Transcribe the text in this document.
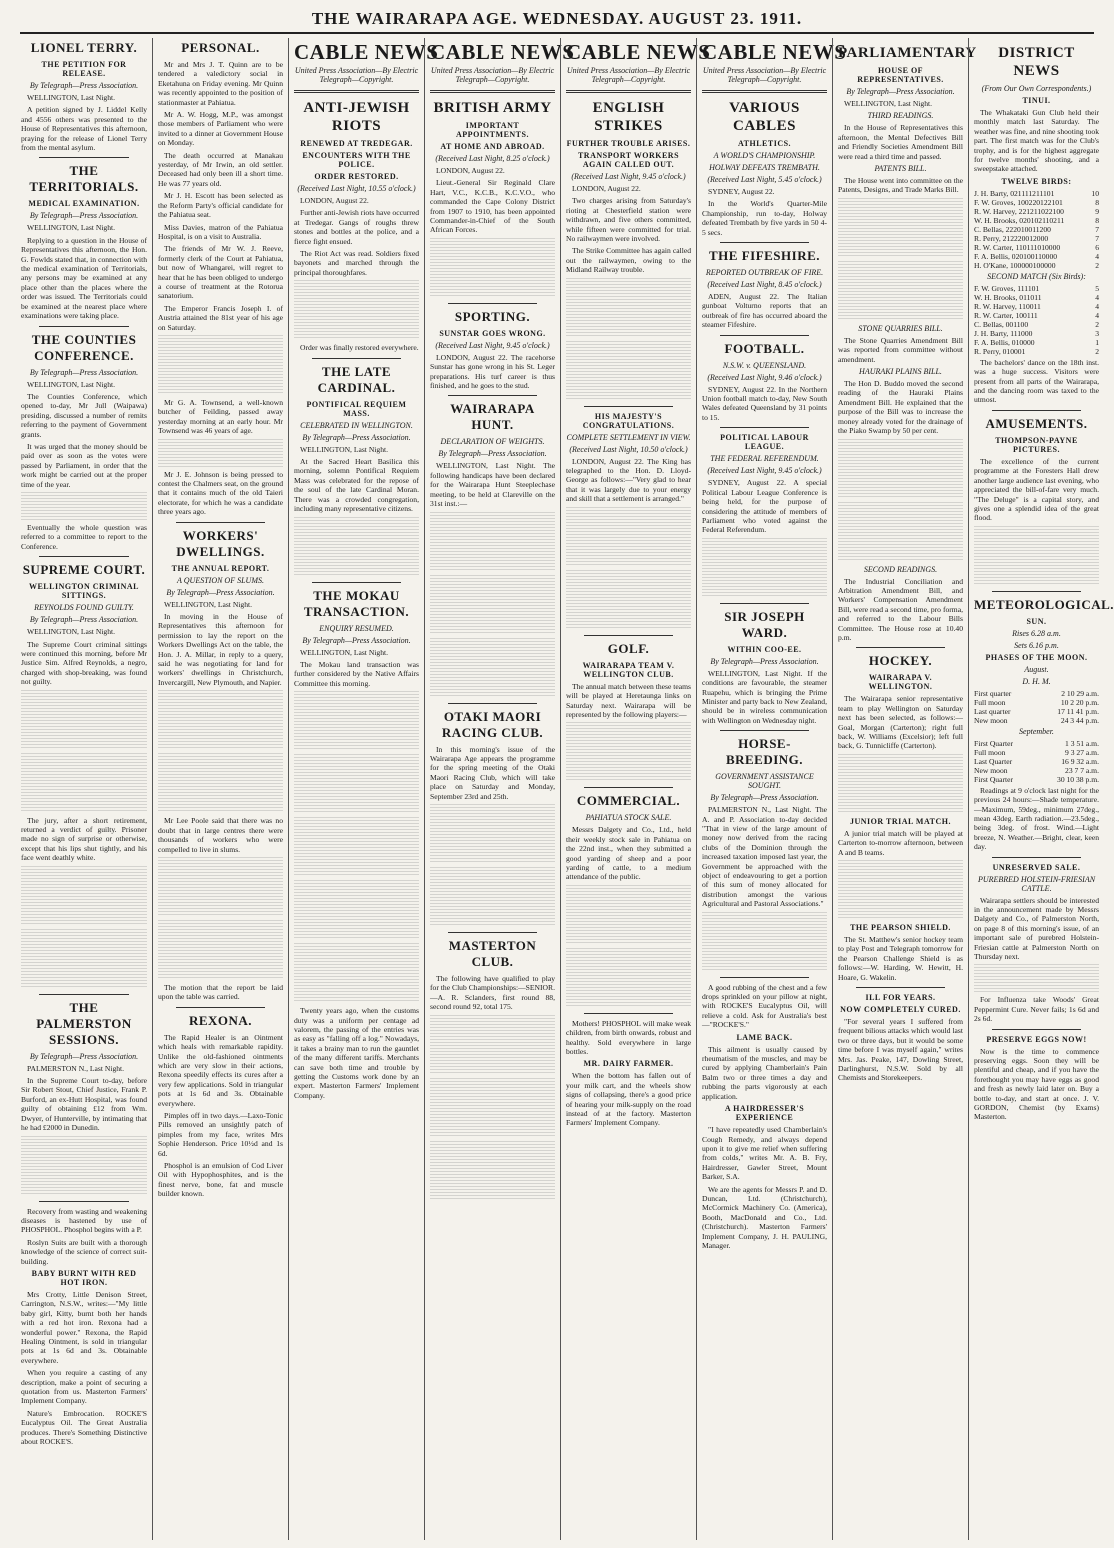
THE WAIRARAPA AGE. WEDNESDAY. AUGUST 23. 1911.
LIONEL TERRY.
THE PETITION FOR RELEASE.
By Telegraph—Press Association.

WELLINGTON, Last Night.

A petition signed by J. Liddel Kelly and 4556 others was presented to the House of Representatives this afternoon, praying for the release of Lionel Terry from the mental asylum.

THE TERRITORIALS.
MEDICAL EXAMINATION.
By Telegraph—Press Association.

WELLINGTON, Last Night.

Replying to a question in the House of Representatives this afternoon, the Hon. G. Fowlds stated that, in connection with the medical examination of Territorials, any persons may be examined at any place other than the places where the order was issued. The Territorials could be examined at the nearest place where examinations were taking place.

THE COUNTIES CONFERENCE.
By Telegraph—Press Association.

WELLINGTON, Last Night.

The Counties Conference, which opened to-day, Mr Jull (Waipawa) presiding, discussed a number of remits referring to the payment of Government grants.

It was urged that the money should be paid over as soon as the votes were passed by Parliament, in order that the work might be carried out at the proper time of the year.

Eventually the whole question was referred to a committee to report to the Conference.

SUPREME COURT.
WELLINGTON CRIMINAL SITTINGS.
REYNOLDS FOUND GUILTY.
By Telegraph—Press Association.

WELLINGTON, Last Night.

The Supreme Court criminal sittings were continued this morning, before Mr Justice Sim. Alfred Reynolds, a negro, charged with shop-breaking, was found not guilty.

The jury, after a short retirement, returned a verdict of guilty. Prisoner made no sign of surprise or otherwise, except that his lips shut tightly, and his face went deathly white.

THE PALMERSTON SESSIONS.
By Telegraph—Press Association.

PALMERSTON N., Last Night.

In the Supreme Court to-day, before Sir Robert Stout, Chief Justice, Frank P. Burford, an ex-Hutt Hospital, was found guilty of obtaining £12 from Wm. Dwyer, of Hunterville, by intimating that he had £2000 in Dunedin.

Recovery from wasting and weakening diseases is hastened by use of PHOSPHOL. Phosphol begins with a P.

Roslyn Suits are built with a thorough knowledge of the science of correct suit-building.

BABY BURNT WITH RED HOT IRON.

Mrs Crotty, Little Denison Street, Carrington, N.S.W., writes:—"My little baby girl, Kitty, burnt both her hands with a red hot iron. Rexona had a wonderful power." Rexona, the Rapid Healing Ointment, is sold in triangular pots at 1s 6d and 3s. Obtainable everywhere.

When you require a casting of any description, make a point of securing a quotation from us. Masterton Farmers' Implement Company.

Nature's Embrocation. ROCKE'S Eucalyptus Oil. The Great Australia produces. There's Something Distinctive about ROCKE'S.

PERSONAL.

Mr and Mrs J. T. Quinn are to be tendered a valedictory social in Eketahuna on Friday evening. Mr Quinn was recently appointed to the position of stationmaster at Pahiatua.

Mr A. W. Hogg, M.P., was amongst those members of Parliament who were invited to a dinner at Government House on Monday.

The death occurred at Manakau yesterday, of Mr Irwin, an old settler. Deceased had only been ill a short time. He was 77 years old.

Mr J. H. Escott has been selected as the Reform Party's official candidate for the Pahiatua seat.

Miss Davies, matron of the Pahiatua Hospital, is on a visit to Australia.

The friends of Mr W. J. Reeve, formerly clerk of the Court at Pahiatua, but now of Whangarei, will regret to hear that he has been obliged to undergo a course of treatment at the Rotorua sanatorium.

The Emperor Francis Joseph I. of Austria attained the 81st year of his age on Saturday.

Mr G. A. Townsend, a well-known butcher of Feilding, passed away yesterday morning at an early hour. Mr Townsend was 46 years of age.

Mr J. E. Johnson is being pressed to contest the Chalmers seat, on the ground that it contains much of the old Taieri electorate, for which he was a candidate three years ago.

WORKERS' DWELLINGS.
THE ANNUAL REPORT.
A QUESTION OF SLUMS.
By Telegraph—Press Association.

WELLINGTON, Last Night.

In moving in the House of Representatives this afternoon for permission to lay the report on the Workers Dwellings Act on the table, the Hon. J. A. Millar, in reply to a query, said he was negotiating for land for workers' dwellings in Christchurch, Invercargill, New Plymouth, and Napier.

Mr Lee Poole said that there was no doubt that in large centres there were thousands of workers who were compelled to live in slums.

The motion that the report be laid upon the table was carried.

REXONA.

The Rapid Healer is an Ointment which heals with remarkable rapidity. Unlike the old-fashioned ointments which are very slow in their actions, Rexona speedily effects its cures after a very few applications. Sold in triangular pots at 1s 6d and 3s. Obtainable everywhere.

Pimples off in two days.—Laxo-Tonic Pills removed an unsightly patch of pimples from my face, writes Mrs Sophie Henderson. Price 10½d and 1s 6d.

Phosphol is an emulsion of Cod Liver Oil with Hypophosphites, and is the finest nerve, bone, fat and muscle builder known.

CABLE NEWS
United Press Association—By Electric Telegraph—Copyright.
ANTI-JEWISH RIOTS
RENEWED AT TREDEGAR.
ENCOUNTERS WITH THE POLICE.
ORDER RESTORED.
(Received Last Night, 10.55 o'clock.)

LONDON, August 22.

Further anti-Jewish riots have occurred at Tredegar. Gangs of roughs threw stones and bottles at the police, and a fierce fight ensued.

The Riot Act was read. Soldiers fixed bayonets and marched through the principal thoroughfares.

Order was finally restored everywhere.

THE LATE CARDINAL.
PONTIFICAL REQUIEM MASS.
CELEBRATED IN WELLINGTON.
By Telegraph—Press Association.

WELLINGTON, Last Night.

At the Sacred Heart Basilica this morning, solemn Pontifical Requiem Mass was celebrated for the repose of the soul of the late Cardinal Moran. There was a crowded congregation, including many representative citizens.

THE MOKAU TRANSACTION.
ENQUIRY RESUMED.
By Telegraph—Press Association.

WELLINGTON, Last Night.

The Mokau land transaction was further considered by the Native Affairs Committee this morning.

Twenty years ago, when the customs duty was a uniform per centage ad valorem, the passing of the entries was as easy as "falling off a log." Nowadays, it takes a brainy man to run the gauntlet of the many different tariffs. Merchants can save both time and trouble by getting the Customs work done by an expert. Masterton Farmers' Implement Company.

CABLE NEWS
United Press Association—By Electric Telegraph—Copyright.
BRITISH ARMY
IMPORTANT APPOINTMENTS.
AT HOME AND ABROAD.
(Received Last Night, 8.25 o'clock.)

LONDON, August 22.

Lieut.-General Sir Reginald Clare Hart, V.C., K.C.B., K.C.V.O., who commanded the Cape Colony District from 1907 to 1910, has been appointed Commander-in-Chief of the South African Forces.

SPORTING.
SUNSTAR GOES WRONG.
(Received Last Night, 9.45 o'clock.)

LONDON, August 22. The racehorse Sunstar has gone wrong in his St. Leger preparations. His turf career is thus finished, and he goes to the stud.

WAIRARAPA HUNT.
DECLARATION OF WEIGHTS.
By Telegraph—Press Association.

WELLINGTON, Last Night. The following handicaps have been declared for the Wairarapa Hunt Steeplechase meeting, to be held at Clareville on the 31st inst.:—

OTAKI MAORI RACING CLUB.

In this morning's issue of the Wairarapa Age appears the programme for the spring meeting of the Otaki Maori Racing Club, which will take place on Saturday and Monday, September 23rd and 25th.

MASTERTON CLUB.

The following have qualified to play for the Club Championships:—SENIOR.—A. R. Sclanders, first round 88, second round 92, total 175.

CABLE NEWS
United Press Association—By Electric Telegraph—Copyright.
ENGLISH STRIKES
FURTHER TROUBLE ARISES.
TRANSPORT WORKERS AGAIN CALLED OUT.
(Received Last Night, 9.45 o'clock.)

LONDON, August 22.

Two charges arising from Saturday's rioting at Chesterfield station were withdrawn, and five others committed, while fifteen were committed for trial. No railwaymen were involved.

The Strike Committee has again called out the railwaymen, owing to the Midland Railway trouble.

HIS MAJESTY'S CONGRATULATIONS.
COMPLETE SETTLEMENT IN VIEW.
(Received Last Night, 10.50 o'clock.)

LONDON, August 22. The King has telegraphed to the Hon. D. Lloyd-George as follows:—"Very glad to hear that it was largely due to your energy and skill that a settlement is arranged."

GOLF.
WAIRARAPA TEAM V. WELLINGTON CLUB.

The annual match between these teams will be played at Heretaunga links on Saturday next. Wairarapa will be represented by the following players:—

COMMERCIAL.
PAHIATUA STOCK SALE.

Messrs Dalgety and Co., Ltd., held their weekly stock sale in Pahiatua on the 22nd inst., when they submitted a good yarding of sheep and a poor yarding of cattle, to a medium attendance of the public.

Mothers! PHOSPHOL will make weak children, from birth onwards, robust and healthy. Sold everywhere in large bottles.

MR. DAIRY FARMER.

When the bottom has fallen out of your milk cart, and the wheels show signs of collapsing, there's a good price of hearing your milk-supply on the road instead of at the factory. Masterton Farmers' Implement Company.

CABLE NEWS
United Press Association—By Electric Telegraph—Copyright.
VARIOUS CABLES
ATHLETICS.
A WORLD'S CHAMPIONSHIP.
HOLWAY DEFEATS TREMBATH.
(Received Last Night, 5.45 o'clock.)

SYDNEY, August 22.

In the World's Quarter-Mile Championship, run to-day, Holway defeated Trembath by five yards in 50 4-5 secs.

THE FIFESHIRE.
REPORTED OUTBREAK OF FIRE.
(Received Last Night, 8.45 o'clock.)

ADEN, August 22. The Italian gunboat Volturno reports that an outbreak of fire has occurred aboard the steamer Fifeshire.

FOOTBALL.
N.S.W. v. QUEENSLAND.
(Received Last Night, 9.46 o'clock.)

SYDNEY, August 22. In the Northern Union football match to-day, New South Wales defeated Queensland by 31 points to 15.

POLITICAL LABOUR LEAGUE.
THE FEDERAL REFERENDUM.
(Received Last Night, 9.45 o'clock.)

SYDNEY, August 22. A special Political Labour League Conference is being held, for the purpose of considering the attitude of members of Parliament who voted against the Federal Referendum.

SIR JOSEPH WARD.
WITHIN COO-EE.
By Telegraph—Press Association.

WELLINGTON, Last Night. If the conditions are favourable, the steamer Ruapehu, which is bringing the Prime Minister and party back to New Zealand, should be in wireless communication with Wellington on Wednesday night.

HORSE-BREEDING.
GOVERNMENT ASSISTANCE SOUGHT.
By Telegraph—Press Association.

PALMERSTON N., Last Night. The A. and P. Association to-day decided "That in view of the large amount of money now derived from the racing clubs of the Dominion through the increased taxation imposed last year, the Government be approached with the object of endeavouring to get a portion of this sum of money allocated for distribution amongst the various Agricultural and Pastoral Associations."

A good rubbing of the chest and a few drops sprinkled on your pillow at night, with ROCKE'S Eucalyptus Oil, will relieve a cold. Ask for Australia's best—"ROCKE'S."

LAME BACK.

This ailment is usually caused by rheumatism of the muscles, and may be cured by applying Chamberlain's Pain Balm two or three times a day and rubbing the parts vigorously at each application.

A HAIRDRESSER'S EXPERIENCE

"I have repeatedly used Chamberlain's Cough Remedy, and always depend upon it to give me relief when suffering from colds," writes Mr. A. B. Fry, Hairdresser, Gawler Street, Mount Barker, S.A.

We are the agents for Messrs P. and D. Duncan, Ltd. (Christchurch), McCormick Machinery Co. (America), Booth, MacDonald and Co., Ltd. (Christchurch). Masterton Farmers' Implement Company, J. H. PAULING, Manager.

PARLIAMENTARY
HOUSE OF REPRESENTATIVES.
By Telegraph—Press Association.

WELLINGTON, Last Night.

THIRD READINGS.

In the House of Representatives this afternoon, the Mental Defectives Bill and Friendly Societies Amendment Bill were read a third time and passed.

PATENTS BILL.

The House went into committee on the Patents, Designs, and Trade Marks Bill.

STONE QUARRIES BILL.

The Stone Quarries Amendment Bill was reported from committee without amendment.

HAURAKI PLAINS BILL.

The Hon D. Buddo moved the second reading of the Hauraki Plains Amendment Bill. He explained that the purpose of the Bill was to increase the money already voted for the drainage of the Piako Swamp by 50 per cent.

SECOND READINGS.

The Industrial Conciliation and Arbitration Amendment Bill, and Workers' Compensation Amendment Bill, were read a second time, pro forma, and referred to the Labour Bills Committee. The House rose at 10.40 p.m.

HOCKEY.
WAIRARAPA V. WELLINGTON.

The Wairarapa senior representative team to play Wellington on Saturday next has been selected, as follows:—Goal, Morgan (Carterton); right full back, W. Williams (Excelsior); left full back, G. Tunnicliffe (Carterton).

JUNIOR TRIAL MATCH.

A junior trial match will be played at Carterton to-morrow afternoon, between A and B teams.

THE PEARSON SHIELD.

The St. Matthew's senior hockey team to play Post and Telegraph tomorrow for the Pearson Challenge Shield is as follows:—W. Harding, W. Hewitt, H. Hoare, G. Wakelin.

ILL FOR YEARS.
NOW COMPLETELY CURED.

"For several years I suffered from frequent bilious attacks which would last two or three days, but it would be some time before I was myself again," writes Mrs. Jas. Peake, 147, Dowling Street, Darlinghurst, N.S.W. Sold by all Chemists and Storekeepers.

DISTRICT NEWS
(From Our Own Correspondents.)
TINUI.

The Whakataki Gun Club held their monthly match last Saturday. The weather was fine, and nine shooting took part. The first match was for the Club's trophy, and is for the highest aggregate for twelve months' shooting, and a sweepstake attached.

TWELVE BIRDS:
J. H. Barty, 021111211101	10
F. W. Groves, 100220122101	8
R. W. Harvey, 221211022100	9
W. H. Brooks, 020102110211	8
C. Bellas, 222010011200	7
R. Perry, 212220012000	7
R. W. Carter, 110111010000	6
F. A. Bellis, 020100110000	4
H. O'Kane, 100000100000	2
SECOND MATCH (Six Birds):
F. W. Groves, 111101	5
W. H. Brooks, 011011	4
R. W. Harvey, 110011	4
R. W. Carter, 100111	4
C. Bellas, 001100	2
J. H. Barty, 111000	3
F. A. Bellis, 010000	1
R. Perry, 010001	2

The bachelors' dance on the 18th inst. was a huge success. Visitors were present from all parts of the Wairarapa, and the dancing room was taxed to the utmost.

AMUSEMENTS.
THOMPSON-PAYNE PICTURES.

The excellence of the current programme at the Foresters Hall drew another large audience last evening, who appreciated the bill-of-fare very much. "The Deluge" is a capital story, and gives one a splendid idea of the great flood.

METEOROLOGICAL.
SUN.
Rises 6.28 a.m.
Sets 6.16 p.m.
PHASES OF THE MOON.
August.
D. H. M.
First quarter	2 10 29 a.m.
Full moon	10 2 20 p.m.
Last quarter	17 11 41 p.m.
New moon	24 3 44 p.m.
September.
First Quarter	1 3 51 a.m.
Full moon	9 3 27 a.m.
Last Quarter	16 9 32 a.m.
New moon	23 7 7 a.m.
First Quarter	30 10 38 p.m.

Readings at 9 o'clock last night for the previous 24 hours:—Shade temperature.—Maximum, 59deg., minimum 27deg., mean 43deg. Earth radiation.—23.5deg., being 3deg. of frost. Wind.—Light breeze, N. Weather.—Bright, clear, keen day.

UNRESERVED SALE.
PUREBRED HOLSTEIN-FRIESIAN CATTLE.

Wairarapa settlers should be interested in the announcement made by Messrs Dalgety and Co., of Palmerston North, on page 8 of this morning's issue, of an important sale of purebred Holstein-Friesian cattle at Palmerston North on Thursday next.

For Influenza take Woods' Great Peppermint Cure. Never fails; 1s 6d and 2s 6d.

PRESERVE EGGS NOW!

Now is the time to commence preserving eggs. Soon they will be plentiful and cheap, and if you have the forethought you may have eggs as good and fresh as newly laid later on. Buy a bottle to-day, and start at once. J. V. GORDON, Chemist (by Exams) Masterton.
